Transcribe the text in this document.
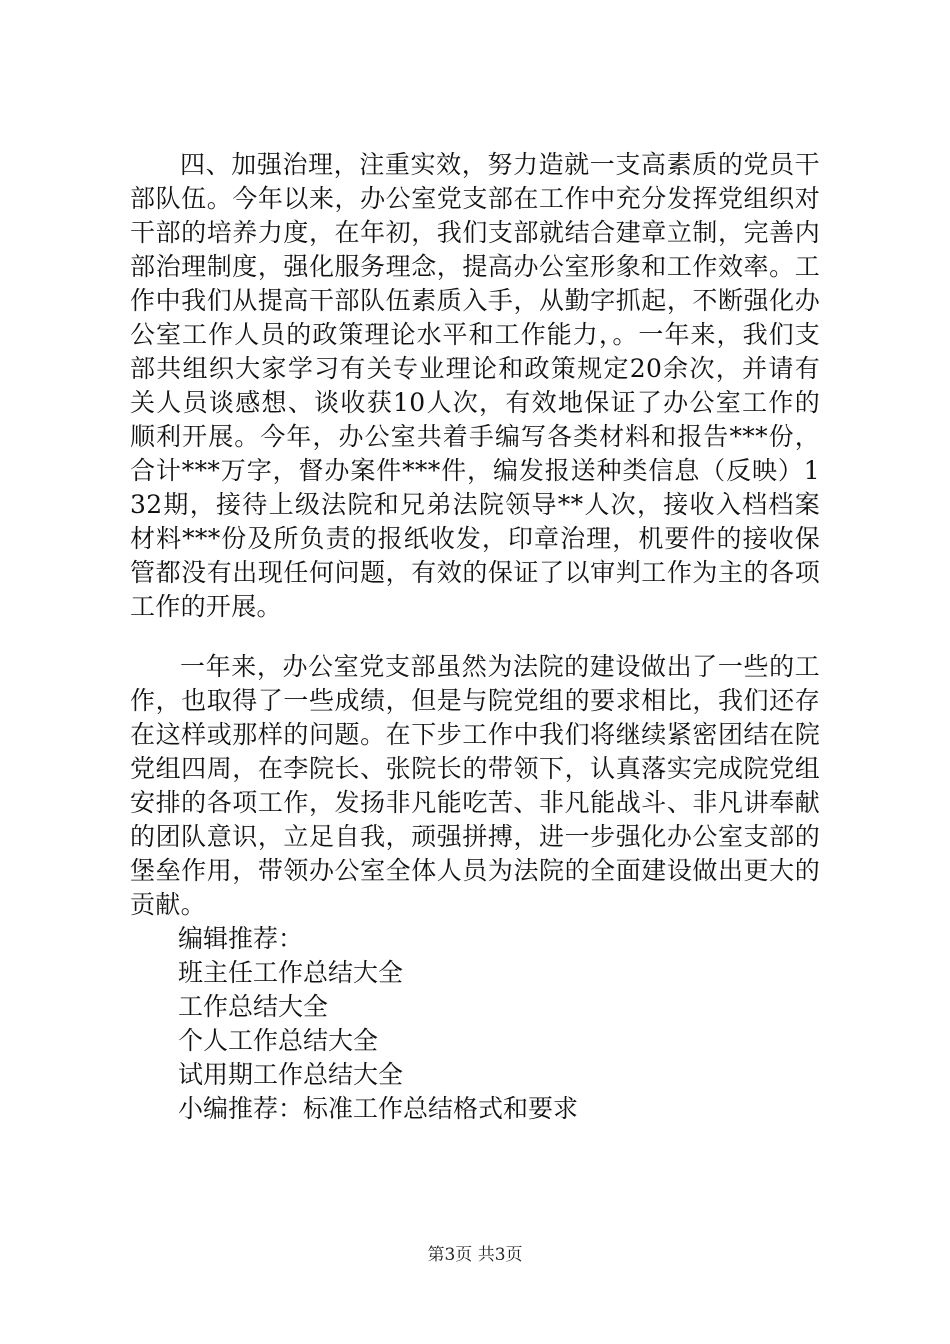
四、加强治理，注重实效，努力造就一支高素质的党员干部队伍。今年以来，办公室党支部在工作中充分发挥党组织对干部的培养力度，在年初，我们支部就结合建章立制，完善内部治理制度，强化服务理念，提高办公室形象和工作效率。工作中我们从提高干部队伍素质入手，从勤字抓起，不断强化办公室工作人员的政策理论水平和工作能力，。一年来，我们支部共组织大家学习有关专业理论和政策规定20余次，并请有关人员谈感想、谈收获10人次，有效地保证了办公室工作的顺利开展。今年，办公室共着手编写各类材料和报告***份，合计***万字，督办案件***件，编发报送种类信息（反映）132期，接待上级法院和兄弟法院领导**人次，接收入档档案材料***份及所负责的报纸收发，印章治理，机要件的接收保管都没有出现任何问题，有效的保证了以审判工作为主的各项工作的开展。

一年来，办公室党支部虽然为法院的建设做出了一些的工作，也取得了一些成绩，但是与院党组的要求相比，我们还存在这样或那样的问题。在下步工作中我们将继续紧密团结在院党组四周，在李院长、张院长的带领下，认真落实完成院党组安排的各项工作，发扬非凡能吃苦、非凡能战斗、非凡讲奉献的团队意识，立足自我，顽强拼搏，进一步强化办公室支部的堡垒作用，带领办公室全体人员为法院的全面建设做出更大的贡献。

编辑推荐：
班主任工作总结大全
工作总结大全
个人工作总结大全
试用期工作总结大全
小编推荐：标准工作总结格式和要求
第3页 共3页
